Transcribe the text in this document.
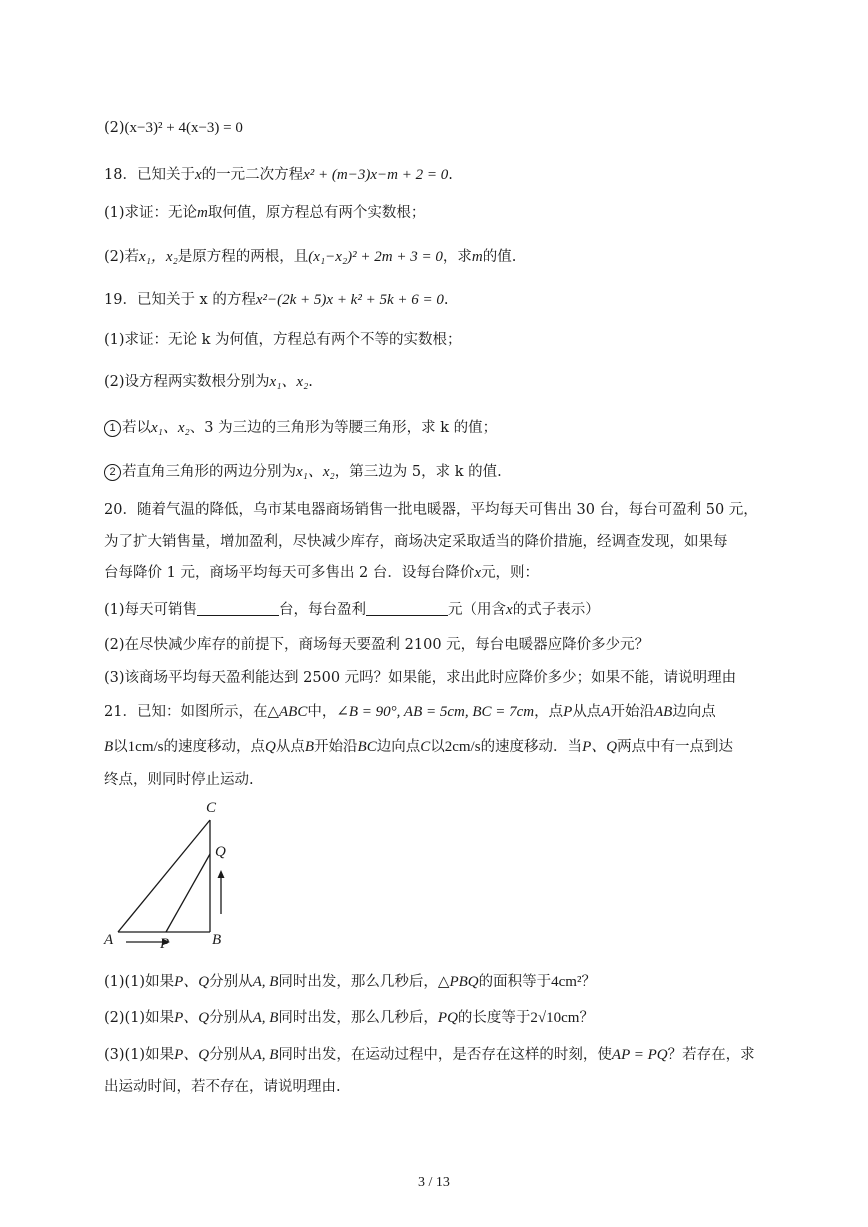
(2)(x−3)² + 4(x−3) = 0
18．已知关于x的一元二次方程x² + (m−3)x−m + 2 = 0.
(1)求证：无论m取何值，原方程总有两个实数根；
(2)若x₁，x₂是原方程的两根，且(x₁−x₂)² + 2m + 3 = 0，求m的值.
19．已知关于 x 的方程x²−(2k + 5)x + k² + 5k + 6 = 0.
(1)求证：无论 k 为何值，方程总有两个不等的实数根；
(2)设方程两实数根分别为x₁、x₂.
1 若以x₁、x₂、3 为三边的三角形为等腰三角形，求 k 的值；
2 若直角三角形的两边分别为x₁、x₂，第三边为 5，求 k 的值.
20．随着气温的降低，乌市某电器商场销售一批电暖器，平均每天可售出 30 台，每台可盈利 50 元，
为了扩大销售量，增加盈利，尽快减少库存，商场决定采取适当的降价措施，经调查发现，如果每
台每降价 1 元，商场平均每天可多售出 2 台．设每台降价x元，则：
(1)每天可销售	台，每台盈利	元（用含x的式子表示）
(2)在尽快减少库存的前提下，商场每天要盈利 2100 元，每台电暖器应降价多少元？
(3)该商场平均每天盈利能达到 2500 元吗？如果能，求出此时应降价多少；如果不能，请说明理由
21．已知：如图所示，在△ABC中，∠B = 90°, AB = 5cm, BC = 7cm，点P从点A开始沿AB边向点
B以1cm/s的速度移动，点Q从点B开始沿BC边向点C以2cm/s的速度移动．当P、Q两点中有一点到达
终点，则同时停止运动.
A	B
C
P
Q
(1)(1)如果P、Q分别从A, B同时出发，那么几秒后，△PBQ的面积等于4cm²？
(2)(1)如果P、Q分别从A, B同时出发，那么几秒后，PQ的长度等于2√10cm？
(3)(1)如果P、Q分别从A, B同时出发，在运动过程中，是否存在这样的时刻，使AP = PQ？若存在，求
出运动时间，若不存在，请说明理由.
3 / 13
